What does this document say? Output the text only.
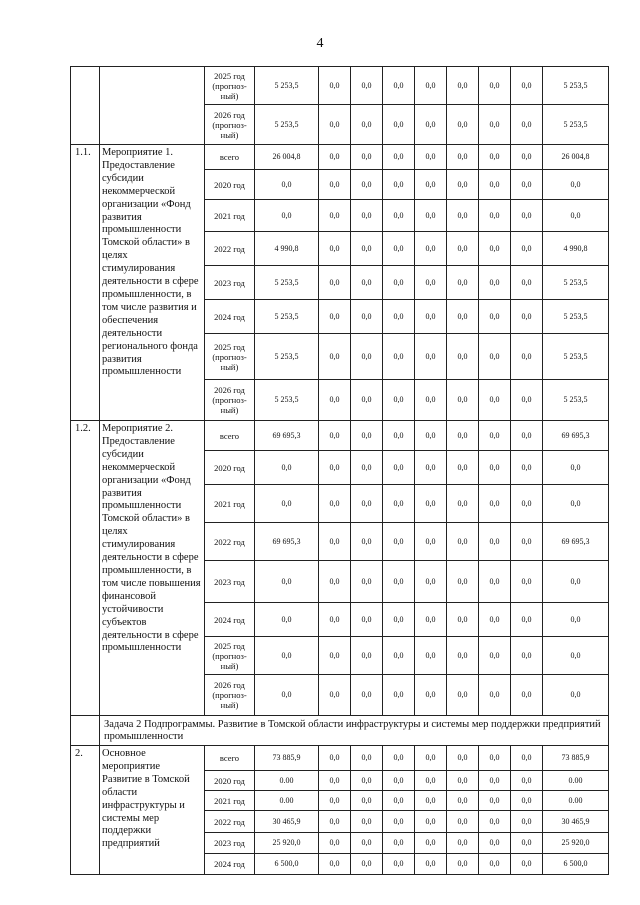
4
		2025 год (прогноз-ный)	5 253,5	0,0	0,0	0,0	0,0	0,0	0,0	0,0	5 253,5
		2026 год (прогноз-ный)	5 253,5	0,0	0,0	0,0	0,0	0,0	0,0	0,0	5 253,5
1.1.	Мероприятие 1. Предоставление субсидии некоммерческой организации «Фонд развития промышленности Томской области» в целях стимулирования деятельности в сфере промышленности, в том числе развития и обеспечения деятельности регионального фонда развития промышленности	всего	26 004,8	0,0	0,0	0,0	0,0	0,0	0,0	0,0	26 004,8
		2020 год	0,0	0,0	0,0	0,0	0,0	0,0	0,0	0,0	0,0
		2021 год	0,0	0,0	0,0	0,0	0,0	0,0	0,0	0,0	0,0
		2022 год	4 990,8	0,0	0,0	0,0	0,0	0,0	0,0	0,0	4 990,8
		2023 год	5 253,5	0,0	0,0	0,0	0,0	0,0	0,0	0,0	5 253,5
		2024 год	5 253,5	0,0	0,0	0,0	0,0	0,0	0,0	0,0	5 253,5
		2025 год (прогноз-ный)	5 253,5	0,0	0,0	0,0	0,0	0,0	0,0	0,0	5 253,5
		2026 год (прогноз-ный)	5 253,5	0,0	0,0	0,0	0,0	0,0	0,0	0,0	5 253,5
1.2.	Мероприятие 2. Предоставление субсидии некоммерческой организации «Фонд развития промышленности Томской области» в целях стимулирования деятельности в сфере промышленности, в том числе повышения финансовой устойчивости субъектов деятельности в сфере промышленности	всего	69 695,3	0,0	0,0	0,0	0,0	0,0	0,0	0,0	69 695,3
		2020 год	0,0	0,0	0,0	0,0	0,0	0,0	0,0	0,0	0,0
		2021 год	0,0	0,0	0,0	0,0	0,0	0,0	0,0	0,0	0,0
		2022 год	69 695,3	0,0	0,0	0,0	0,0	0,0	0,0	0,0	69 695,3
		2023 год	0,0	0,0	0,0	0,0	0,0	0,0	0,0	0,0	0,0
		2024 год	0,0	0,0	0,0	0,0	0,0	0,0	0,0	0,0	0,0
		2025 год (прогноз-ный)	0,0	0,0	0,0	0,0	0,0	0,0	0,0	0,0	0,0
		2026 год (прогноз-ный)	0,0	0,0	0,0	0,0	0,0	0,0	0,0	0,0	0,0
	Задача 2 Подпрограммы. Развитие в Томской области инфраструктуры и системы мер поддержки предприятий промышленности										
2.	Основное мероприятие Развитие в Томской области инфраструктуры и системы мер поддержки предприятий	всего	73 885,9	0,0	0,0	0,0	0,0	0,0	0,0	0,0	73 885,9
		2020 год	0.00	0,0	0,0	0,0	0,0	0,0	0,0	0,0	0.00
		2021 год	0.00	0,0	0,0	0,0	0,0	0,0	0,0	0,0	0.00
		2022 год	30 465,9	0,0	0,0	0,0	0,0	0,0	0,0	0,0	30 465,9
		2023 год	25 920,0	0,0	0,0	0,0	0,0	0,0	0,0	0,0	25 920,0
		2024 год	6 500,0	0,0	0,0	0,0	0,0	0,0	0,0	0,0	6 500,0
